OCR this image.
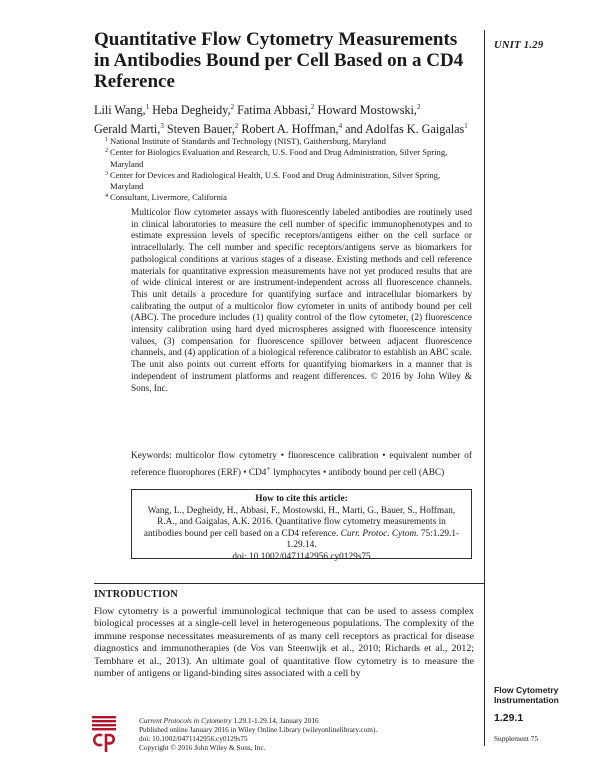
UNIT 1.29
Quantitative Flow Cytometry Measurements in Antibodies Bound per Cell Based on a CD4 Reference
Lili Wang,$^1$ Heba Degheidy,$^2$ Fatima Abbasi,$^2$ Howard Mostowski,$^2$
Gerald Marti,$^3$ Steven Bauer,$^2$ Robert A. Hoffman,$^4$ and Adolfas K. Gaigalas$^1$
1 National Institute of Standards and Technology (NIST), Gaithersburg, Maryland
2 Center for Biologics Evaluation and Research, U.S. Food and Drug Administration, Silver Spring, Maryland
3 Center for Devices and Radiological Health, U.S. Food and Drug Administration, Silver Spring, Maryland
4 Consultant, Livermore, California

Multicolor flow cytometer assays with fluorescently labeled antibodies are routinely used in clinical laboratories to measure the cell number of specific immunophenotypes and to estimate expression levels of specific receptors/antigens either on the cell surface or intracellularly. The cell number and specific receptors/antigens serve as biomarkers for pathological conditions at various stages of a disease. Existing methods and cell reference materials for quantitative expression measurements have not yet produced results that are of wide clinical interest or are instrument-independent across all fluorescence channels. This unit details a procedure for quantifying surface and intracellular biomarkers by calibrating the output of a multicolor flow cytometer in units of antibody bound per cell (ABC). The procedure includes (1) quality control of the flow cytometer, (2) fluorescence intensity calibration using hard dyed microspheres assigned with fluorescence intensity values, (3) compensation for fluorescence spillover between adjacent fluorescence channels, and (4) application of a biological reference calibrator to establish an ABC scale. The unit also points out current efforts for quantifying biomarkers in a manner that is independent of instrument platforms and reagent differences. © 2016 by John Wiley & Sons, Inc.

Keywords: multicolor flow cytometry • fluorescence calibration • equivalent number of reference fluorophores (ERF) • CD4+ lymphocytes • antibody bound per cell (ABC)

How to cite this article:
Wang, L., Degheidy, H., Abbasi, F., Mostowski, H., Marti, G., Bauer, S., Hoffman, R.A., and Gaigalas, A.K. 2016. Quantitative flow cytometry measurements in antibodies bound per cell based on a CD4 reference. Curr. Protoc. Cytom. 75:1.29.1-1.29.14.
doi: 10.1002/0471142956.cy0129s75
INTRODUCTION

Flow cytometry is a powerful immunological technique that can be used to assess complex biological processes at a single-cell level in heterogeneous populations. The complexity of the immune response necessitates measurements of as many cell receptors as practical for disease diagnostics and immunotherapies (de Vos van Steenwijk et al., 2010; Richards et al., 2012; Tembhare et al., 2013). An ultimate goal of quantitative flow cytometry is to measure the number of antigens or ligand-binding sites associated with a cell by

Current Protocols in Cytometry 1.29.1-1.29.14, January 2016
Published online January 2016 in Wiley Online Library (wileyonlinelibrary.com).
doi: 10.1002/0471142956.cy0129s75
Copyright © 2016 John Wiley & Sons, Inc.
Flow Cytometry Instrumentation
1.29.1
Supplement 75
